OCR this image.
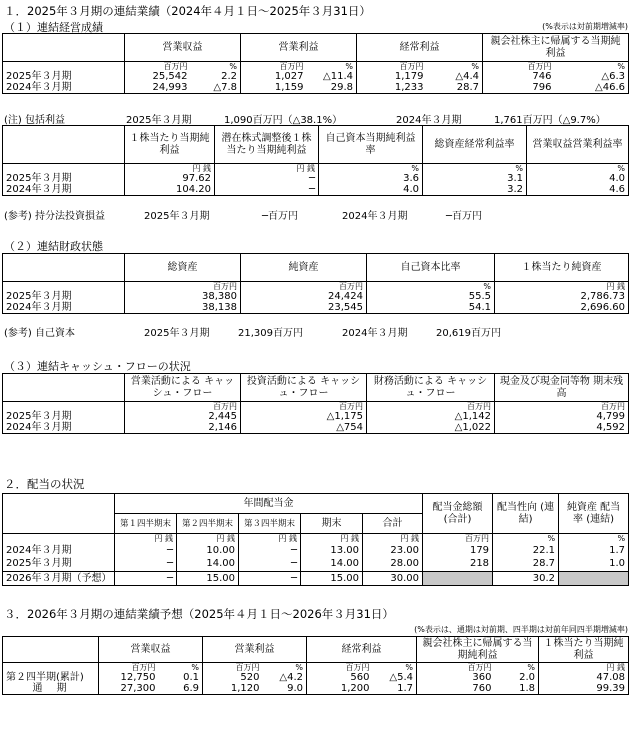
１．2025年３月期の連結業績（2024年４月１日～2025年３月31日）
（１）連結経営成績	(%表示は対前期増減率)
	営業収益		営業利益		経常利益		親会社株主に帰属する当期純利益	
	百万円	%	百万円	%	百万円	%	百万円	%
2025年３月期	25,542	2.2	1,027	△11.4	1,179	△4.4	746	△6.3
2024年３月期	24,993	△7.8	1,159	29.8	1,233	28.7	796	△46.6
(注) 包括利益	2025年３月期	1,090百万円（△38.1%）	2024年３月期	1,761百万円（△9.7%）
	１株当たり当期純利益	潜在株式調整後１株当たり当期純利益	自己資本当期純利益率	総資産経常利益率	営業収益営業利益率
	円 銭	円 銭	%	%	%
2025年３月期	97.62	─	3.6	3.1	4.0
2024年３月期	104.20	─	4.0	3.2	4.6
(参考) 持分法投資損益	2025年３月期	─百万円	2024年３月期	─百万円
（２）連結財政状態
	総資産	純資産	自己資本比率	１株当たり純資産
	百万円	百万円	%	円 銭
2025年３月期	38,380	24,424	55.5	2,786.73
2024年３月期	38,138	23,545	54.1	2,696.60
(参考) 自己資本	2025年３月期	21,309百万円	2024年３月期	20,619百万円
（３）連結キャッシュ・フローの状況
	営業活動による キャッシュ・フロー	投資活動による キャッシュ・フロー	財務活動による キャッシュ・フロー	現金及び現金同等物 期末残高
	百万円	百万円	百万円	百万円
2025年３月期	2,445	△1,175	△1,142	4,799
2024年３月期	2,146	△754	△1,022	4,592
２．配当の状況
	年間配当金					配当金総額 (合計)	配当性向 (連結)	純資産 配当率 (連結)
	第１四半期末	第２四半期末	第３四半期末	期末	合計			
	円 銭	円 銭	円 銭	円 銭	円 銭	百万円	%	%
2024年３月期	─	10.00	─	13.00	23.00	179	22.1	1.7
2025年３月期	─	14.00	─	14.00	28.00	218	28.7	1.0
2026年３月期（予想）	─	15.00	─	15.00	30.00		30.2	
３．2026年３月期の連結業績予想（2025年４月１日～2026年３月31日）
(%表示は、通期は対前期、四半期は対前年同四半期増減率)
	営業収益		営業利益		経常利益		親会社株主に帰属する当期純利益		１株当たり当期純利益
	百万円	%	百万円	%	百万円	%	百万円	%	円 銭
第２四半期(累計)	12,750	0.1	520	△4.2	560	△5.4	360	2.0	47.08
通　期	27,300	6.9	1,120	9.0	1,200	1.7	760	1.8	99.39
